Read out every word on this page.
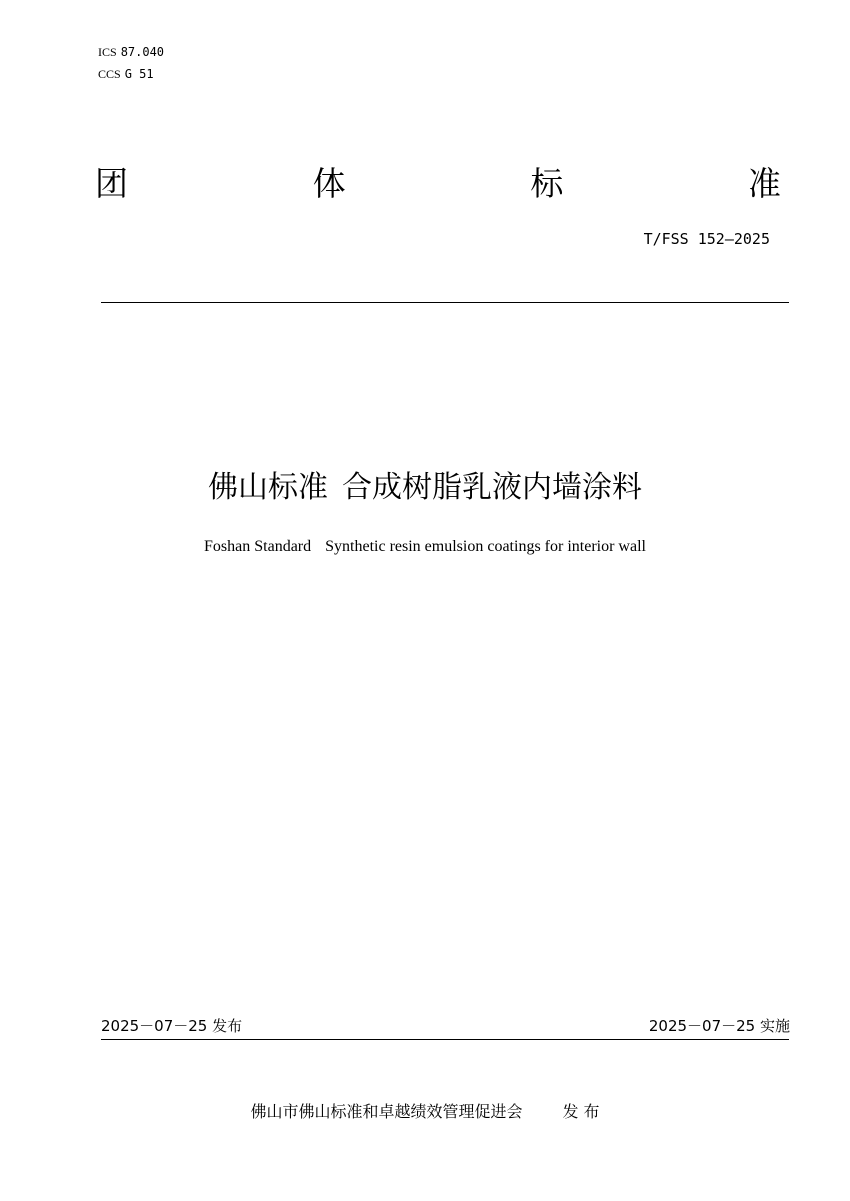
ICS 87.040
CCS G 51
团	体	标	准
T/FSS 152—2025
佛山标准 合成树脂乳液内墙涂料
Foshan Standard Synthetic resin emulsion coatings for interior wall
2025－07－25 发布	2025－07－25 实施
佛山市佛山标准和卓越绩效管理促进会	发 布
